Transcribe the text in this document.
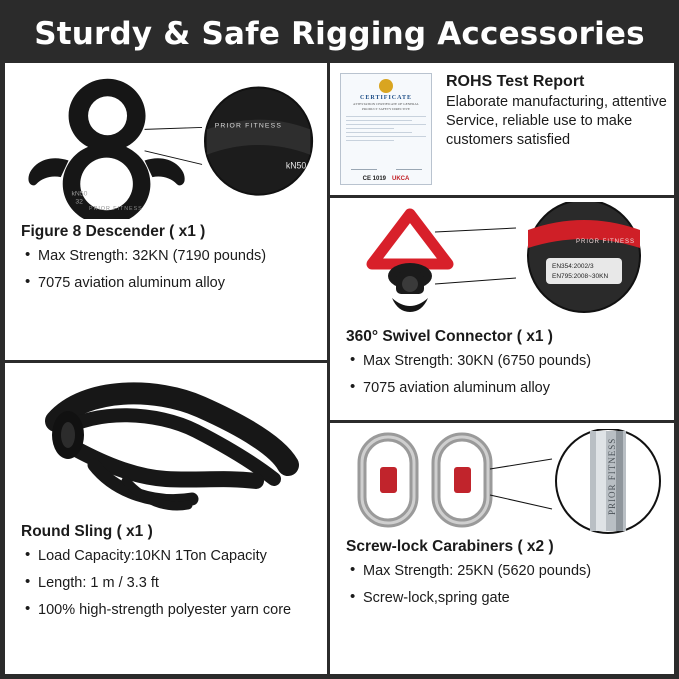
Sturdy & Safe Rigging Accessories
kN50
32
PRIOR FITNESS
PRIOR FITNESS
kN50
Figure 8 Descender ( x1 )
• Max Strength: 32KN (7190 pounds)
• 7075 aviation aluminum alloy
Round Sling ( x1 )
• Load Capacity:10KN 1Ton Capacity
• Length: 1 m / 3.3 ft
• 100% high-strength polyester yarn core
CERTIFICATE
ATTESTATION CERTIFICATE OF GENERAL PRODUCT SAFETY DIRECTIVE
CE 1019 UKCA
ROHS Test Report
Elaborate manufacturing, attentive Service, reliable use to make customers satisfied
PRIOR FITNESS
EN354:2002/3
EN795:2008~30KN
360° Swivel Connector ( x1 )
• Max Strength: 30KN (6750 pounds)
• 7075 aviation aluminum alloy
PRIOR FITNESS
Screw-lock Carabiners ( x2 )
• Max Strength: 25KN (5620 pounds)
• Screw-lock,spring gate
